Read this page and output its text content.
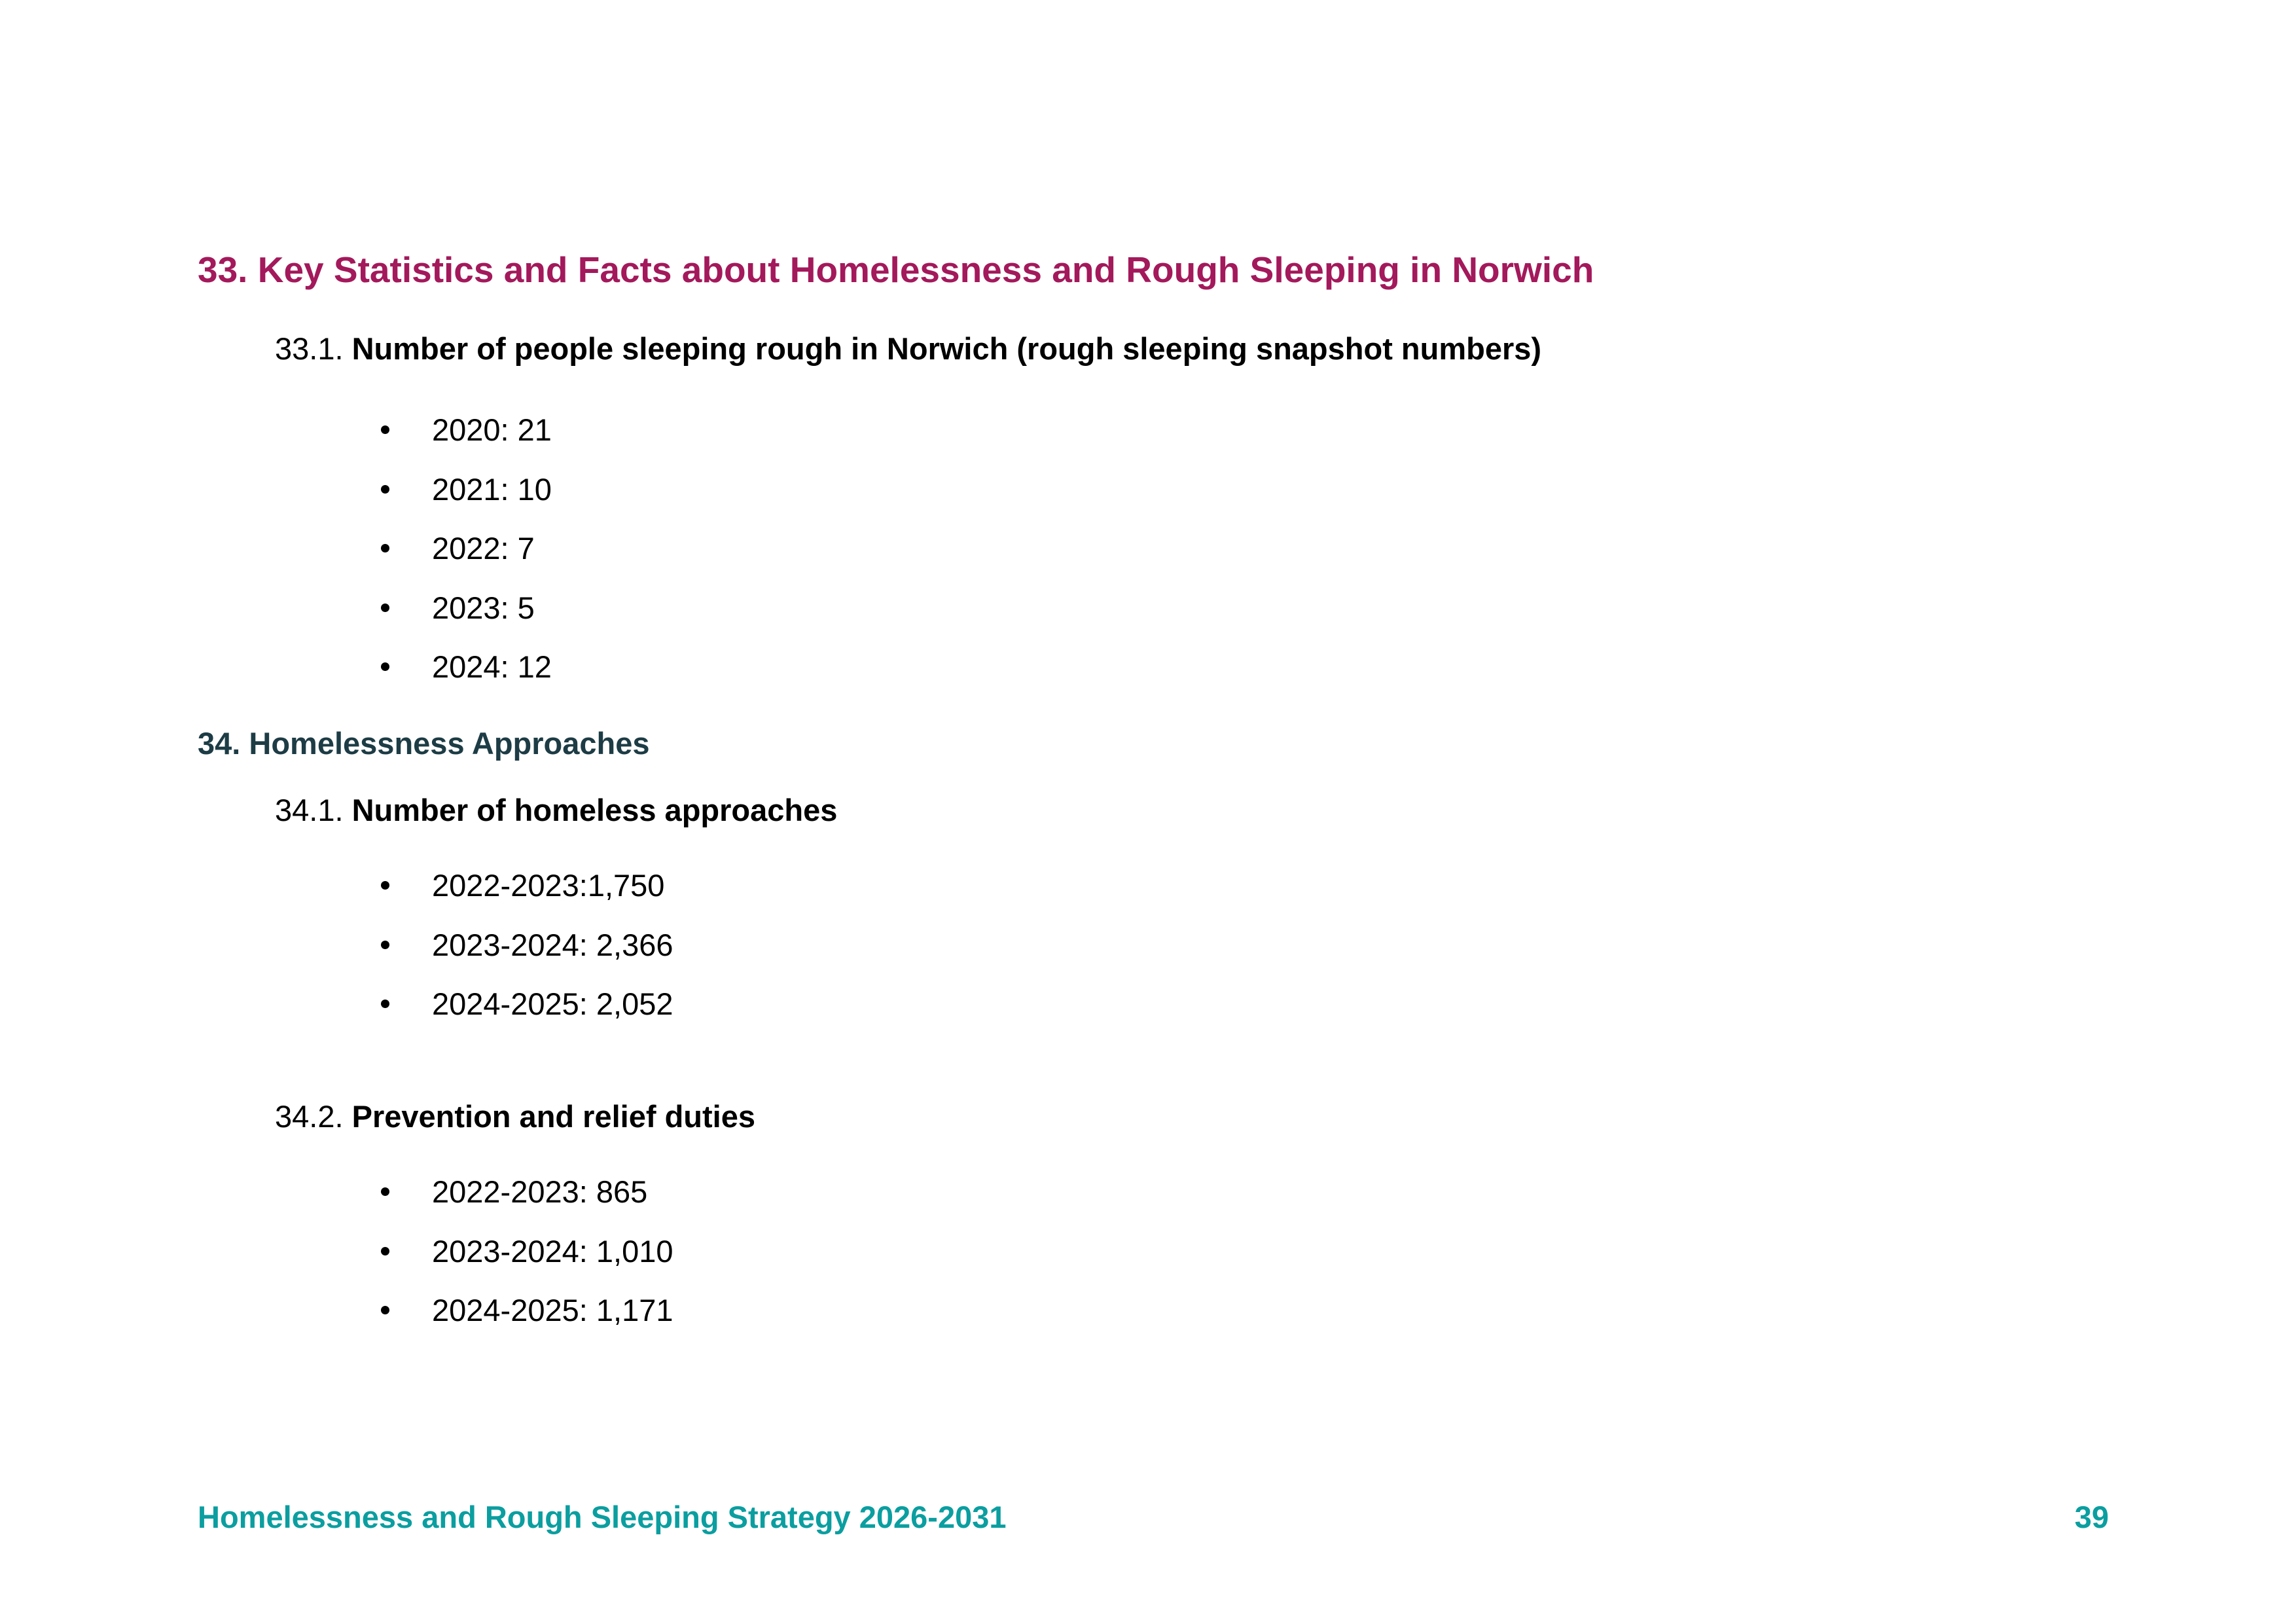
33. Key Statistics and Facts about Homelessness and Rough Sleeping in Norwich

33.1. Number of people sleeping rough in Norwich (rough sleeping snapshot numbers)

2020: 21
2021: 10
2022: 7
2023: 5
2024: 12
34. Homelessness Approaches

34.1. Number of homeless approaches

2022-2023:1,750
2023-2024: 2,366
2024-2025: 2,052

34.2. Prevention and relief duties

2022-2023: 865
2023-2024: 1,010
2024-2025: 1,171

Homelessness and Rough Sleeping Strategy 2026-2031	39
